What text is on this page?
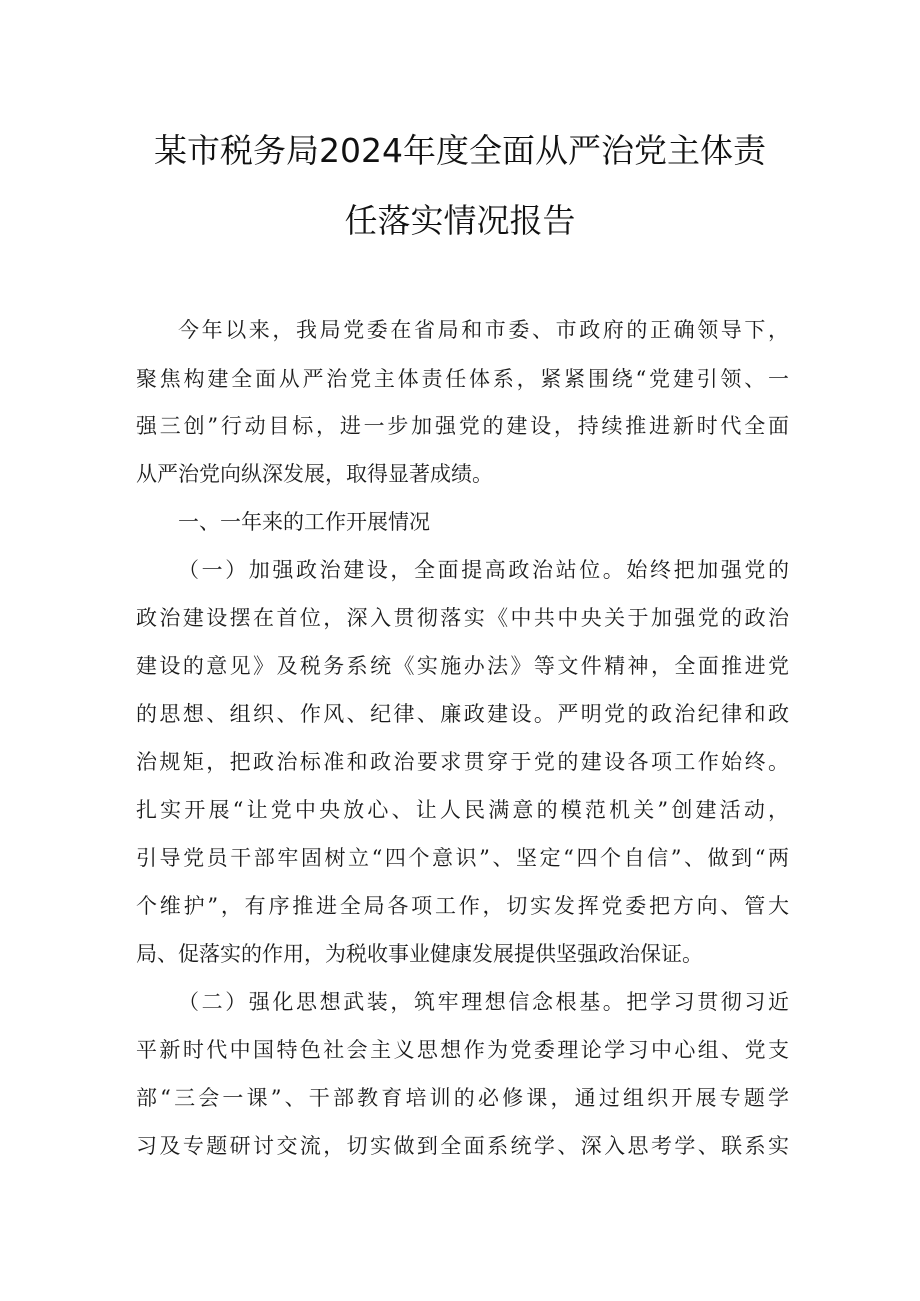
某市税务局2024年度全面从严治党主体责
任落实情况报告
今年以来，我局党委在省局和市委、市政府的正确领导下，
聚焦构建全面从严治党主体责任体系，紧紧围绕“党建引领、一
强三创”行动目标，进一步加强党的建设，持续推进新时代全面
从严治党向纵深发展，取得显著成绩。
一、一年来的工作开展情况
（一）加强政治建设，全面提高政治站位。始终把加强党的
政治建设摆在首位，深入贯彻落实《中共中央关于加强党的政治
建设的意见》及税务系统《实施办法》等文件精神，全面推进党
的思想、组织、作风、纪律、廉政建设。严明党的政治纪律和政
治规矩，把政治标准和政治要求贯穿于党的建设各项工作始终。
扎实开展“让党中央放心、让人民满意的模范机关”创建活动，
引导党员干部牢固树立“四个意识”、坚定“四个自信”、做到“两
个维护”，有序推进全局各项工作，切实发挥党委把方向、管大
局、促落实的作用，为税收事业健康发展提供坚强政治保证。
（二）强化思想武装，筑牢理想信念根基。把学习贯彻习近
平新时代中国特色社会主义思想作为党委理论学习中心组、党支
部“三会一课”、干部教育培训的必修课，通过组织开展专题学
习及专题研讨交流，切实做到全面系统学、深入思考学、联系实
